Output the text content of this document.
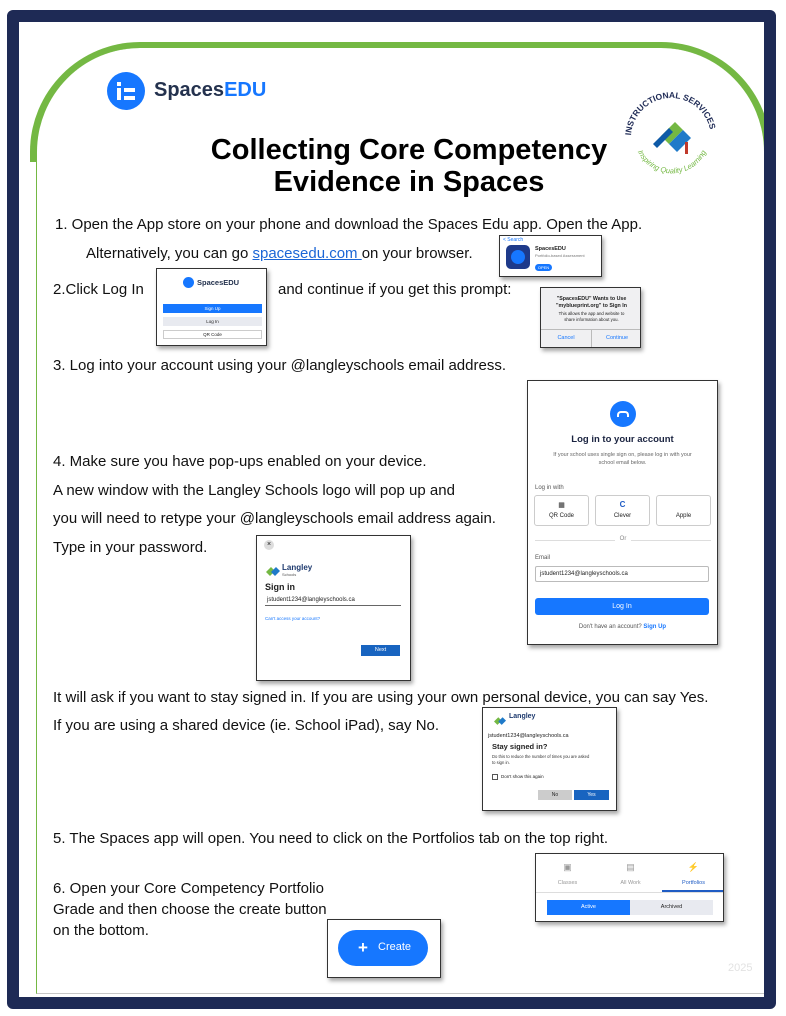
SpacesEDU
Collecting Core Competency
Evidence in Spaces
INSTRUCTIONAL SERVICES
Inspiring Quality Learning
1. Open the App store on your phone and download the Spaces Edu app. Open the App.
Alternatively, you can go spacesedu.com on your browser.
< Search
SpacesEDU
Portfolio-based Assessment
OPEN
2.Click Log In	SpacesEDU
Sign Up
Log In
QR Code
and continue if you get this prompt:
"SpacesEDU" Wants to Use
"myblueprint.org" to Sign In
This allows the app and website to
share information about you.
Cancel	Continue
3. Log into your account using your @langleyschools email address.
Log in to your account
If your school uses single sign on, please log in with your
school email below.
Log in with
▦
QR Code
C
Clever	Apple
Or
Email
jstudent1234@langleyschools.ca
Log In
Don't have an account? Sign Up
4. Make sure you have pop-ups enabled on your device.
A new window with the Langley Schools logo will pop up and
you will need to retype your @langleyschools email address again.
Type in your password.	×
Langley
Schools
Sign in
jstudent1234@langleyschools.ca
Can't access your account?
Next
It will ask if you want to stay signed in. If you are using your own personal device, you can say Yes.
If you are using a shared device (ie. School iPad), say No.
Langley
jstudent1234@langleyschools.ca
Stay signed in?
Do this to reduce the number of times you are asked
to sign in.
Don't show this again
No	Yes
5. The Spaces app will open. You need to click on the Portfolios tab on the top right.
6. Open your Core Competency Portfolio
Grade and then choose the create button
on the bottom.
▣
Classes
▤
All Work
⚡
Portfolios
Active	Archived
+ Create
2025
